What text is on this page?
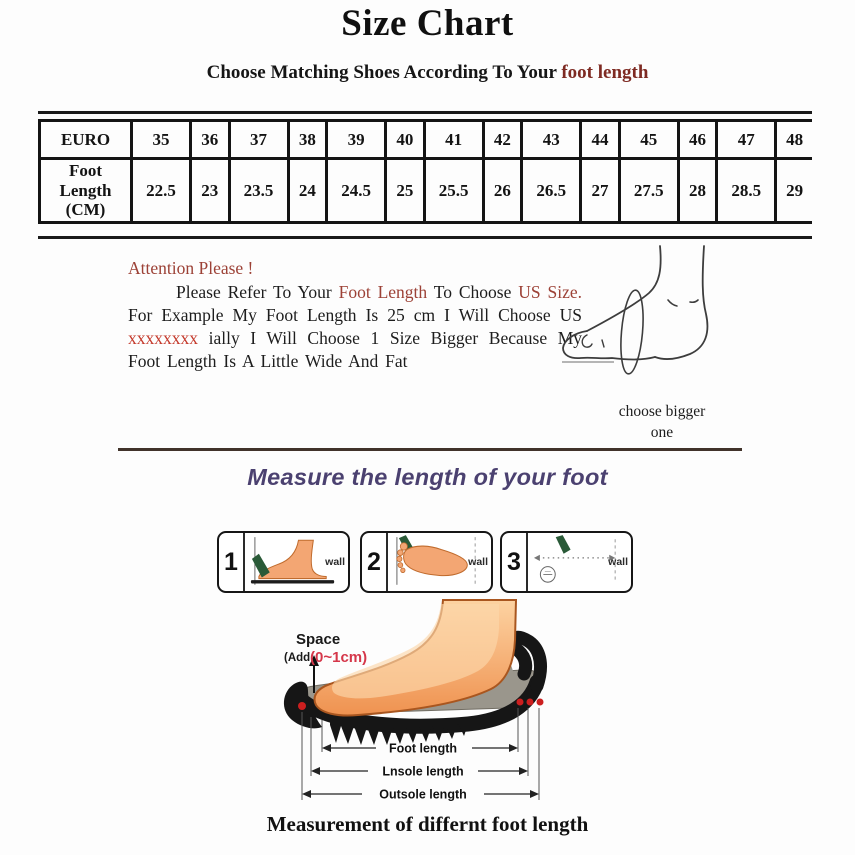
Size Chart
Choose Matching Shoes According To Your foot length
EURO	35	36	37	38	39	40	41	42	43	44	45	46	47	48
Foot Length (CM)	22.5	23	23.5	24	24.5	25	25.5	26	26.5	27	27.5	28	28.5	29
Attention Please !

Please Refer To Your Foot Length To Choose US Size. For Example My Foot Length Is 25 cm I Will Choose US xxxxxxxx ially I Will Choose 1 Size Bigger Because My Foot Length Is A Little Wide And Fat

choose bigger one
Measure the length of your foot
1	wall 2	wall 3	wall
Space
(Add (0~1cm)
Foot length
Lnsole length
Outsole length
Measurement of differnt foot length
